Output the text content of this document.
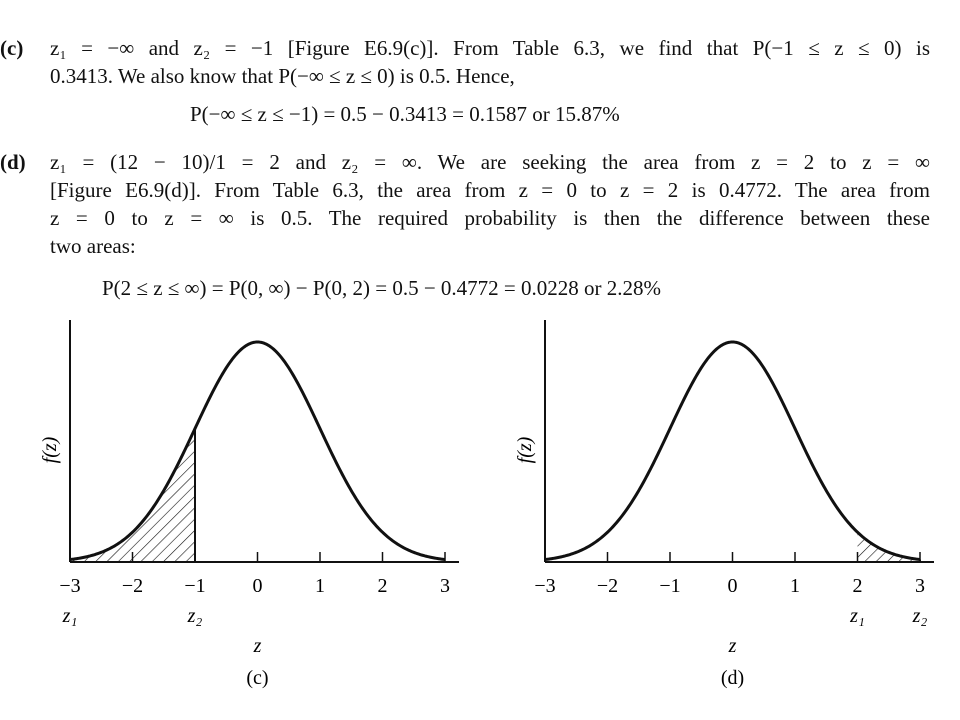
(c) z₁ = −∞ and z₂ = −1 [Figure E6.9(c)]. From Table 6.3, we find that P(−1 ≤ z ≤ 0) is
0.3413. We also know that P(−∞ ≤ z ≤ 0) is 0.5. Hence,
P(−∞ ≤ z ≤ −1) = 0.5 − 0.3413 = 0.1587 or 15.87%
(d) z₁ = (12 − 10)/1 = 2 and z₂ = ∞. We are seeking the area from z = 2 to z = ∞
[Figure E6.9(d)]. From Table 6.3, the area from z = 0 to z = 2 is 0.4772. The area from
z = 0 to z = ∞ is 0.5. The required probability is then the difference between these
two areas:
P(2 ≤ z ≤ ∞) = P(0, ∞) − P(0, 2) = 0.5 − 0.4772 = 0.0228 or 2.28%
−3 −2 −1 0	1	2	3
z₁	z₂
f(z)
z
(c)
−3 −2 −1 0	1	2	3
z₁ z₂
f(z)
z
(d)
